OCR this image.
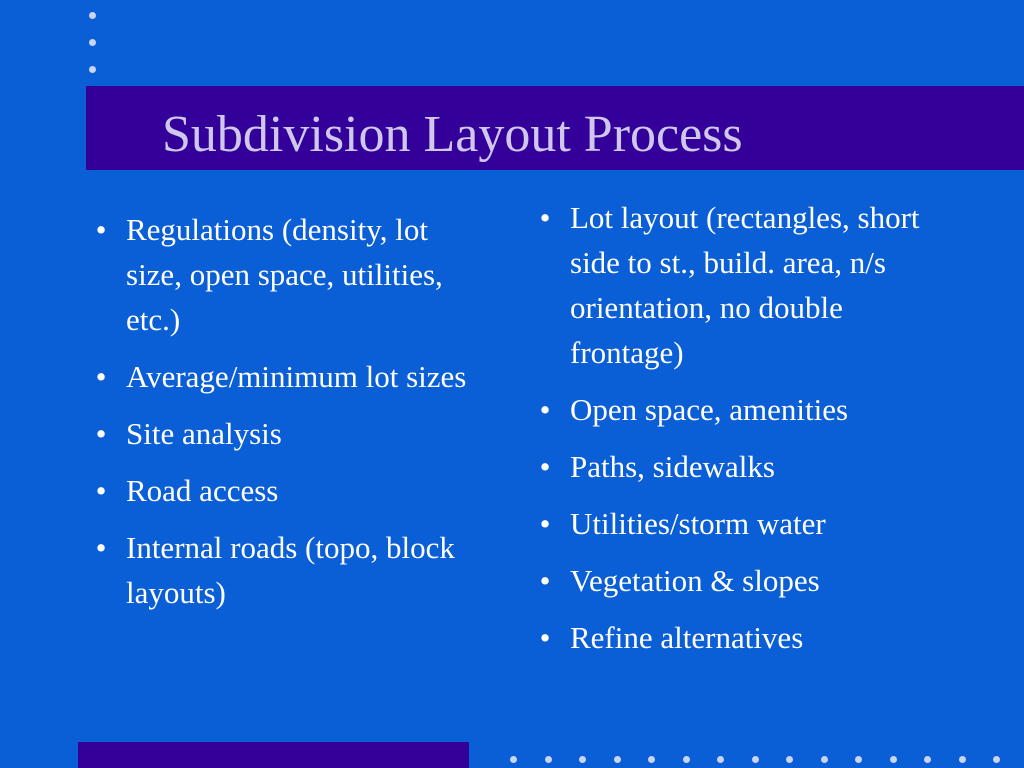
Subdivision Layout Process
• Regulations (density, lot size, open space, utilities, etc.)
• Average/minimum lot sizes
• Site analysis
• Road access
• Internal roads (topo, block layouts)
• Lot layout (rectangles, short side to st., build. area, n/s orientation, no double frontage)
• Open space, amenities
• Paths, sidewalks
• Utilities/storm water
• Vegetation & slopes
• Refine alternatives
